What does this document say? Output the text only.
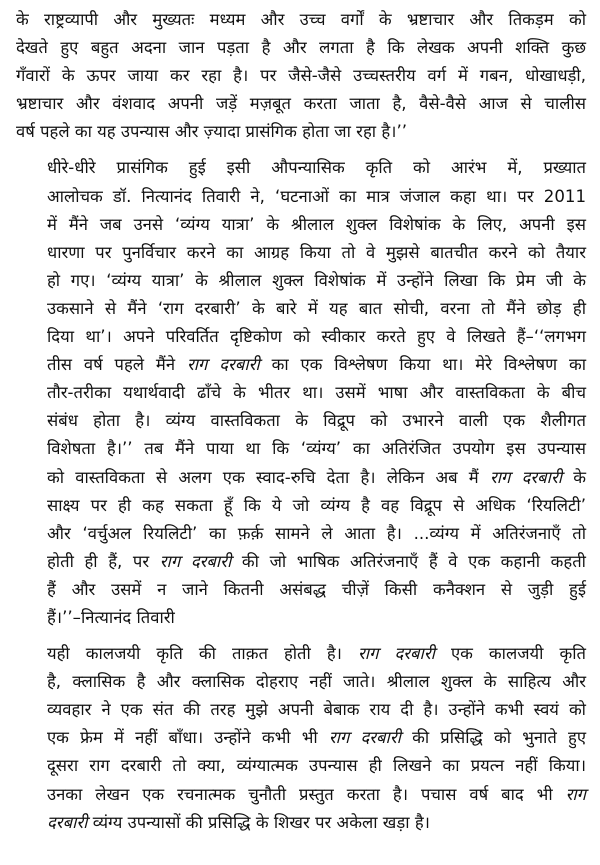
के राष्ट्रव्यापी और मुख्यतः मध्यम और उच्च वर्गों के भ्रष्टाचार और तिकड़म को
देखते हुए बहुत अदना जान पड़ता है और लगता है कि लेखक अपनी शक्ति कुछ
गँवारों के ऊपर जाया कर रहा है। पर जैसे-जैसे उच्चस्तरीय वर्ग में गबन, धोखाधड़ी,
भ्रष्टाचार और वंशवाद अपनी जड़ें मज़बूत करता जाता है, वैसे-वैसे आज से चालीस
वर्ष पहले का यह उपन्यास और ज़्यादा प्रासंगिक होता जा रहा है।’’
धीरे-धीरे प्रासंगिक हुई इसी औपन्यासिक कृति को आरंभ में, प्रख्यात
आलोचक डॉ. नित्यानंद तिवारी ने, ‘घटनाओं का मात्र जंजाल कहा था। पर 2011
में मैंने जब उनसे ‘व्यंग्य यात्रा’ के श्रीलाल शुक्ल विशेषांक के लिए, अपनी इस
धारणा पर पुनर्विचार करने का आग्रह किया तो वे मुझसे बातचीत करने को तैयार
हो गए। ‘व्यंग्य यात्रा’ के श्रीलाल शुक्ल विशेषांक में उन्होंने लिखा कि प्रेम जी के
उकसाने से मैंने ‘राग दरबारी’ के बारे में यह बात सोची, वरना तो मैंने छोड़ ही
दिया था’। अपने परिवर्तित दृष्टिकोण को स्वीकार करते हुए वे लिखते हैं–‘‘लगभग
तीस वर्ष पहले मैंने राग दरबारी का एक विश्लेषण किया था। मेरे विश्लेषण का
तौर-तरीका यथार्थवादी ढाँचे के भीतर था। उसमें भाषा और वास्तविकता के बीच
संबंध होता है। व्यंग्य वास्तविकता के विद्रूप को उभारने वाली एक शैलीगत
विशेषता है।’’ तब मैंने पाया था कि ‘व्यंग्य’ का अतिरंजित उपयोग इस उपन्यास
को वास्तविकता से अलग एक स्वाद-रुचि देता है। लेकिन अब मैं राग दरबारी के
साक्ष्य पर ही कह सकता हूँ कि ये जो व्यंग्य है वह विद्रूप से अधिक ‘रियलिटी’
और ‘वर्चुअल रियलिटी’ का फ़र्क़ सामने ले आता है। ...व्यंग्य में अतिरंजनाएँ तो
होती ही हैं, पर राग दरबारी की जो भाषिक अतिरंजनाएँ हैं वे एक कहानी कहती
हैं और उसमें न जाने कितनी असंबद्ध चीज़ें किसी कनैक्शन से जुड़ी हुई
हैं।’’–नित्यानंद तिवारी
यही कालजयी कृति की ताक़त होती है। राग दरबारी एक कालजयी कृति
है, क्लासिक है और क्लासिक दोहराए नहीं जाते। श्रीलाल शुक्ल के साहित्य और
व्यवहार ने एक संत की तरह मुझे अपनी बेबाक राय दी है। उन्होंने कभी स्वयं को
एक फ्रेम में नहीं बाँधा। उन्होंने कभी भी राग दरबारी की प्रसिद्धि को भुनाते हुए
दूसरा राग दरबारी तो क्या, व्यंग्यात्मक उपन्यास ही लिखने का प्रयत्न नहीं किया।
उनका लेखन एक रचनात्मक चुनौती प्रस्तुत करता है। पचास वर्ष बाद भी राग
दरबारी व्यंग्य उपन्यासों की प्रसिद्धि के शिखर पर अकेला खड़ा है।
